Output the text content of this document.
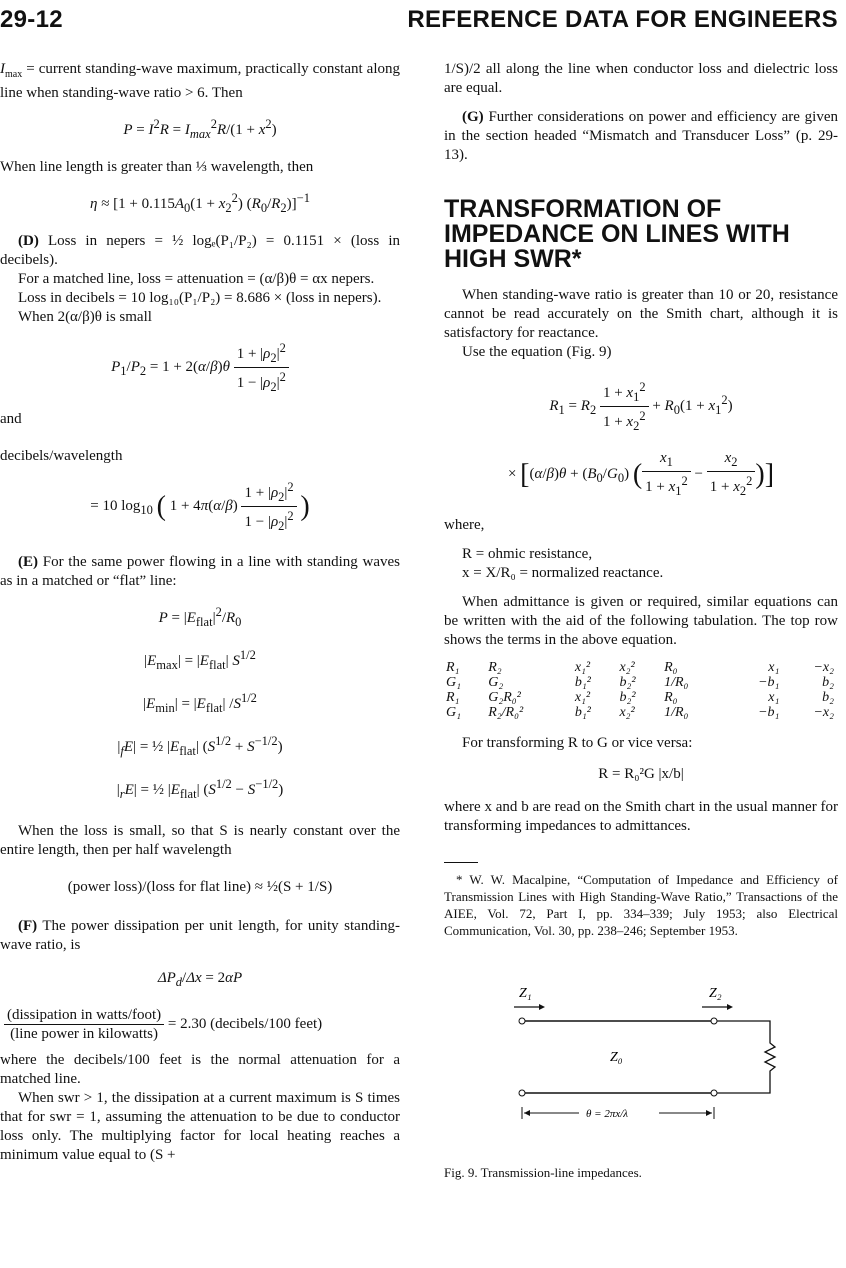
29-12	REFERENCE DATA FOR ENGINEERS

$I_{max}$ = current standing-wave maximum, practically constant along line when standing-wave ratio > 6. Then

$P = I^2R = I_{max}^2R/(1 + x^2)$

When line length is greater than ⅓ wavelength, then

$\eta \approx [1 + 0.115A_0(1 + x_2^2)$ $(R_0/R_2)]^{-1}$

(D) Loss in nepers = ½ logₑ(P₁/P₂) = 0.1151 × (loss in decibels).

For a matched line, loss = attenuation = (α/β)θ = αx nepers.

Loss in decibels = 10 log₁₀(P₁/P₂) = 8.686 × (loss in nepers).

When 2(α/β)θ is small

$P_1/P_2 = 1 + 2(\alpha/\beta)\theta \frac{1 + |\rho_2|^2}{1 - |\rho_2|^2}$

and

decibels/wavelength

= 10 $\log_{10}$ ( $1 + 4\pi(\alpha/\beta) \frac{1 + |\rho_2|^2}{1 - |\rho_2|^2}$ )

(E) For the same power flowing in a line with standing waves as in a matched or “flat” line:

$P = |E_{flat}|^2/R_0$
$|E_{max}| = |E_{flat}|$ $S^{1/2}$
$|E_{min}| = |E_{flat}|$ $/S^{1/2}$
$|_fE|$ = ½ $|E_{flat}|$ $(S^{1/2} + S^{-1/2})$
$|_rE|$ = ½ $|E_{flat}|$ $(S^{1/2} - S^{-1/2})$

When the loss is small, so that S is nearly constant over the entire length, then per half wavelength

(power loss)/(loss for flat line) ≈ ½(S + 1/S)

(F) The power dissipation per unit length, for unity standing-wave ratio, is

$\Delta P_d/\Delta x = 2\alpha P$
$\frac{\text{(dissipation in watts/foot)}}{\text{(line power in kilowatts)}} = 2.30$ (decibels/100 feet)

where the decibels/100 feet is the normal attenuation for a matched line.

When swr > 1, the dissipation at a current maximum is S times that for swr = 1, assuming the attenuation to be due to conductor loss only. The multiplying factor for local heating reaches a minimum value equal to (S +

1/S)/2 all along the line when conductor loss and dielectric loss are equal.

(G) Further considerations on power and efficiency are given in the section headed “Mismatch and Transducer Loss” (p. 29-13).

TRANSFORMATION OF IMPEDANCE ON LINES WITH HIGH SWR*

When standing-wave ratio is greater than 10 or 20, resistance cannot be read accurately on the Smith chart, although it is satisfactory for reactance.

Use the equation (Fig. 9)

$R_1 = R_2 \frac{1 + x_1^2}{1 + x_2^2} + R_0(1 + x_1^2)$
× [$(\alpha/\beta)\theta + (B_0/G_0)$ ( $\frac{x_1}{1 + x_1^2} - \frac{x_2}{1 + x_2^2}$ )]

where,

R = ohmic resistance,

x = X/R₀ = normalized reactance.

When admittance is given or required, similar equations can be written with the aid of the following tabulation. The top row shows the terms in the above equation.

R₁	R₂	x₁²	x₂²	R₀	x₁	−x₂
G₁	G₂	b₁²	b₂²	1/R₀	−b₁	b₂
R₁	G₂R₀²	x₁²	b₂²	R₀	x₁	b₂
G₁	R₂/R₀²	b₁²	x₂²	1/R₀	−b₁	−x₂

For transforming R to G or vice versa:

R = R₀²G |x/b|

where x and b are read on the Smith chart in the usual manner for transforming impedances to admittances.

* W. W. Macalpine, “Computation of Impedance and Efficiency of Transmission Lines with High Standing-Wave Ratio,” Transactions of the AIEE, Vol. 72, Part I, pp. 334–339; July 1953; also Electrical Communication, Vol. 30, pp. 238–246; September 1953.

Z₁	Z₂
Z₀
θ = 2πx/λ
Fig. 9. Transmission-line impedances.
